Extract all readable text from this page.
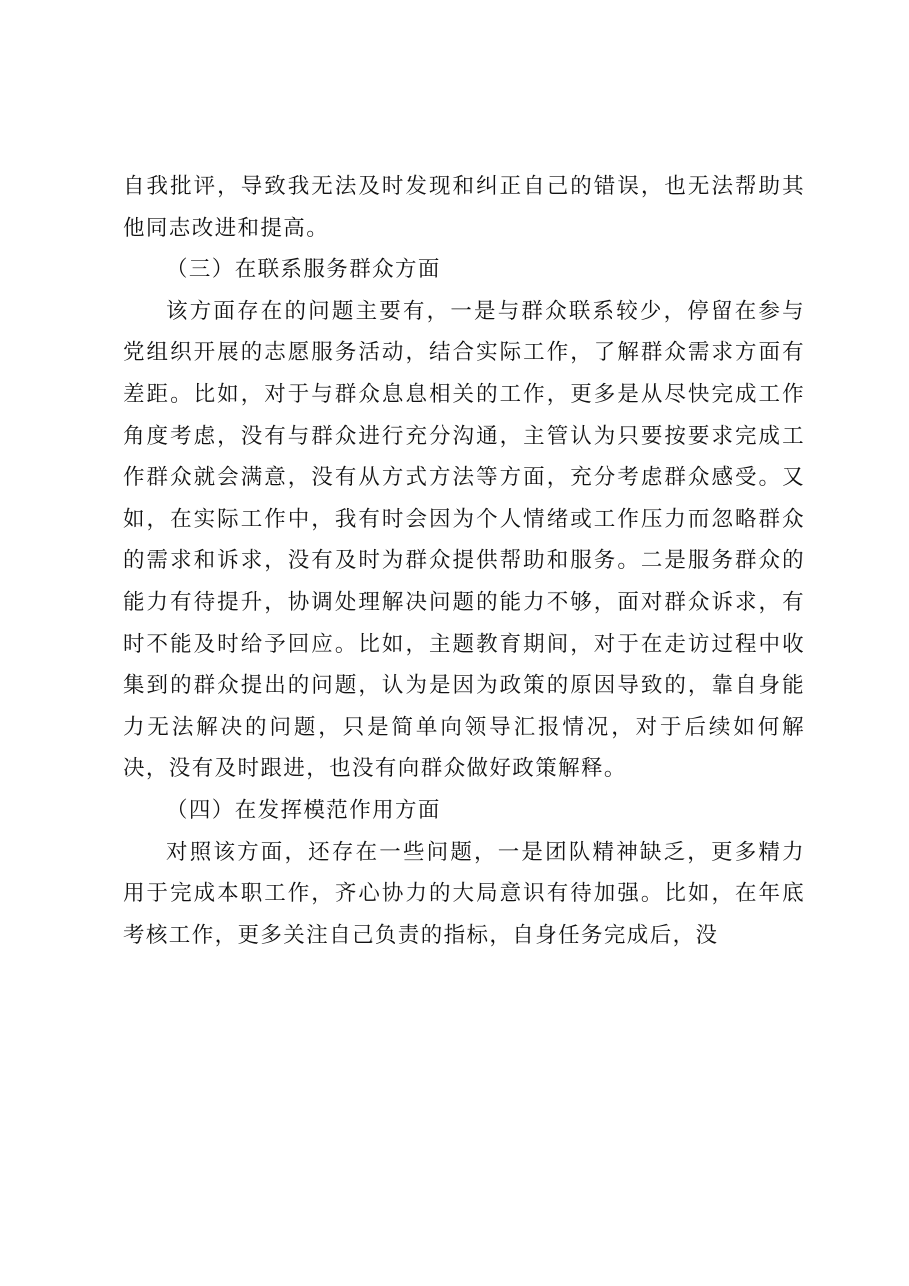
自我批评，导致我无法及时发现和纠正自己的错误，也无法帮助其他同志改进和提高。

（三）在联系服务群众方面

该方面存在的问题主要有，一是与群众联系较少，停留在参与党组织开展的志愿服务活动，结合实际工作，了解群众需求方面有差距。比如，对于与群众息息相关的工作，更多是从尽快完成工作角度考虑，没有与群众进行充分沟通，主管认为只要按要求完成工作群众就会满意，没有从方式方法等方面，充分考虑群众感受。又如，在实际工作中，我有时会因为个人情绪或工作压力而忽略群众的需求和诉求，没有及时为群众提供帮助和服务。二是服务群众的能力有待提升，协调处理解决问题的能力不够，面对群众诉求，有时不能及时给予回应。比如，主题教育期间，对于在走访过程中收集到的群众提出的问题，认为是因为政策的原因导致的，靠自身能力无法解决的问题，只是简单向领导汇报情况，对于后续如何解决，没有及时跟进，也没有向群众做好政策解释。

（四）在发挥模范作用方面

对照该方面，还存在一些问题，一是团队精神缺乏，更多精力用于完成本职工作，齐心协力的大局意识有待加强。比如，在年底考核工作，更多关注自己负责的指标，自身任务完成后，没
